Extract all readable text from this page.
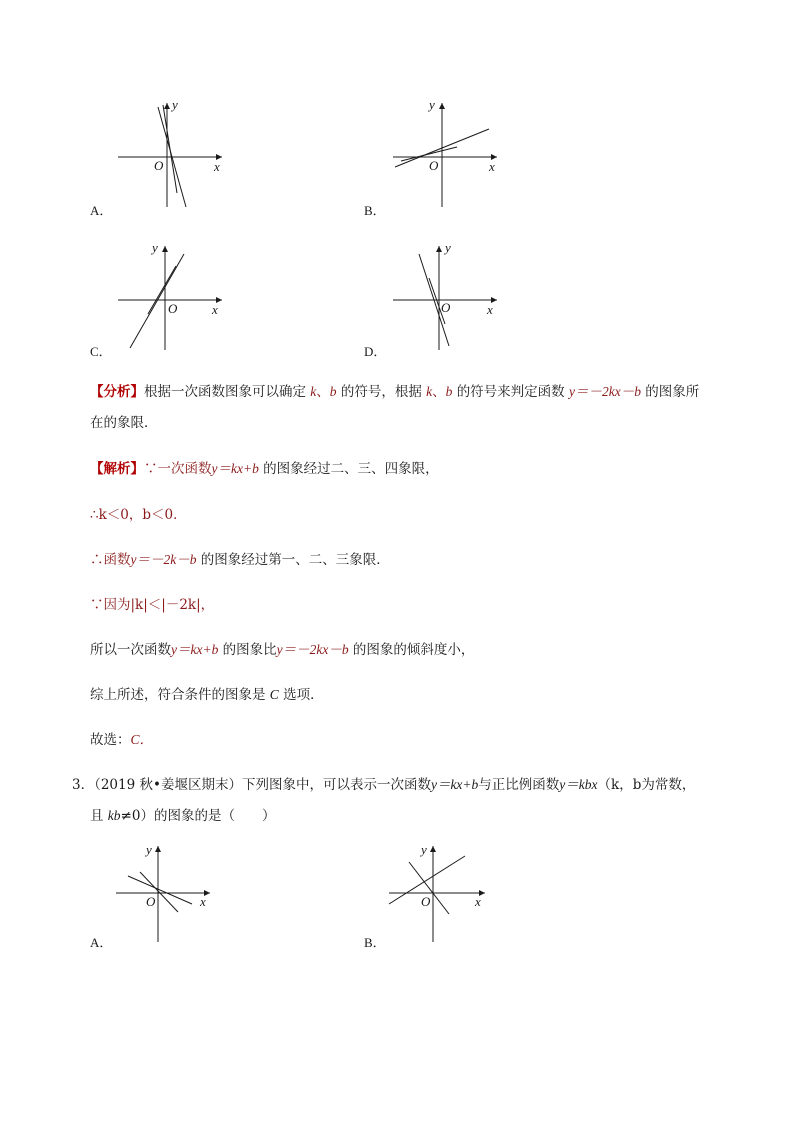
y
x
O
A．
y
x
O
B．
y
x
O
C．
y
x
O
D．
【分析】根据一次函数图象可以确定 k、b 的符号，根据 k、b 的符号来判定函数 y＝－2kx－b 的图象所
在的象限．
【解析】∵一次函数y＝kx+b 的图象经过二、三、四象限，
∴k＜0，b＜0．
∴函数y＝－2k－b 的图象经过第一、二、三象限．
∵因为|k|＜|－2k|，
所以一次函数y＝kx+b 的图象比y＝－2kx－b 的图象的倾斜度小，
综上所述，符合条件的图象是 C 选项．
故选：C．
3．（2019 秋•姜堰区期末）下列图象中，可以表示一次函数y＝kx+b与正比例函数y＝kbx（k，b为常数，
且 kb≠0）的图象的是（　　）
y
x
O
A．
y
x
O
B．
